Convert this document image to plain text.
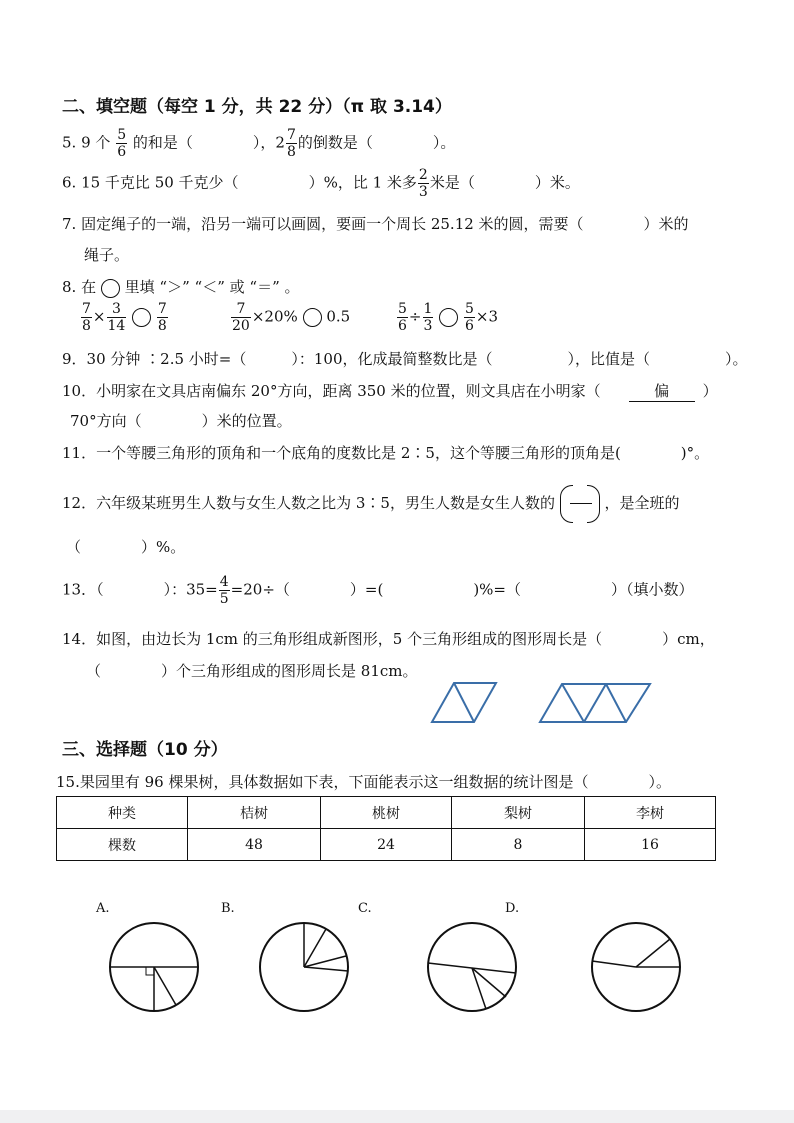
二、填空题（每空 1 分，共 22 分）（π 取 3.14）
5. 9 个 $\frac{5}{6}$ 的和是（	），$2 \frac{7}{8}$ 的倒数是（	）。
6. 15 千克比 50 千克少（	）%，比 1 米多 $\frac{2}{3}$ 米是（	）米。
7. 固定绳子的一端，沿另一端可以画圆，要画一个周长 25.12 米的圆，需要（　　　　）米的
绳子。
8. 在 里填 “＞” “＜” 或 “＝” 。
$\frac{7}{8} \times \frac{3}{14}$
$\frac{7}{8}$	$\frac{7}{20} \times 20\%$ 0.5	$\frac{5}{6} \div \frac{1}{3}$
$\frac{5}{6} \times 3$
9．30 分钟 ∶2.5 小时=（　　　）：100，化成最简整数比是（　　　　　），比值是（　　　　　）。
10．小明家在文具店南偏东 20°方向，距离 350 米的位置，则文具店在小明家（	偏 ）
70°方向（　　　　）米的位置。
11．一个等腰三角形的顶角和一个底角的度数比是 2∶5，这个等腰三角形的顶角是(　　　　)°。
12．六年级某班男生人数与女生人数之比为 3∶5，男生人数是女生人数的	，是全班的
（　　　　）%。
13．（　　　　）：$35= \frac{4}{5} =20\div$（　　　　）=(　　　　　　)%=（　　　　　　）（填小数）
14．如图，由边长为 1cm 的三角形组成新图形，5 个三角形组成的图形周长是（　　　　）cm，
（　　　　）个三角形组成的图形周长是 81cm。
三、选择题（10 分）
15.果园里有 96 棵果树，具体数据如下表，下面能表示这一组数据的统计图是（　　　　）。
种类	桔树	桃树	梨树	李树
棵数	48	24	8	16
A.	B.	C.	D.
